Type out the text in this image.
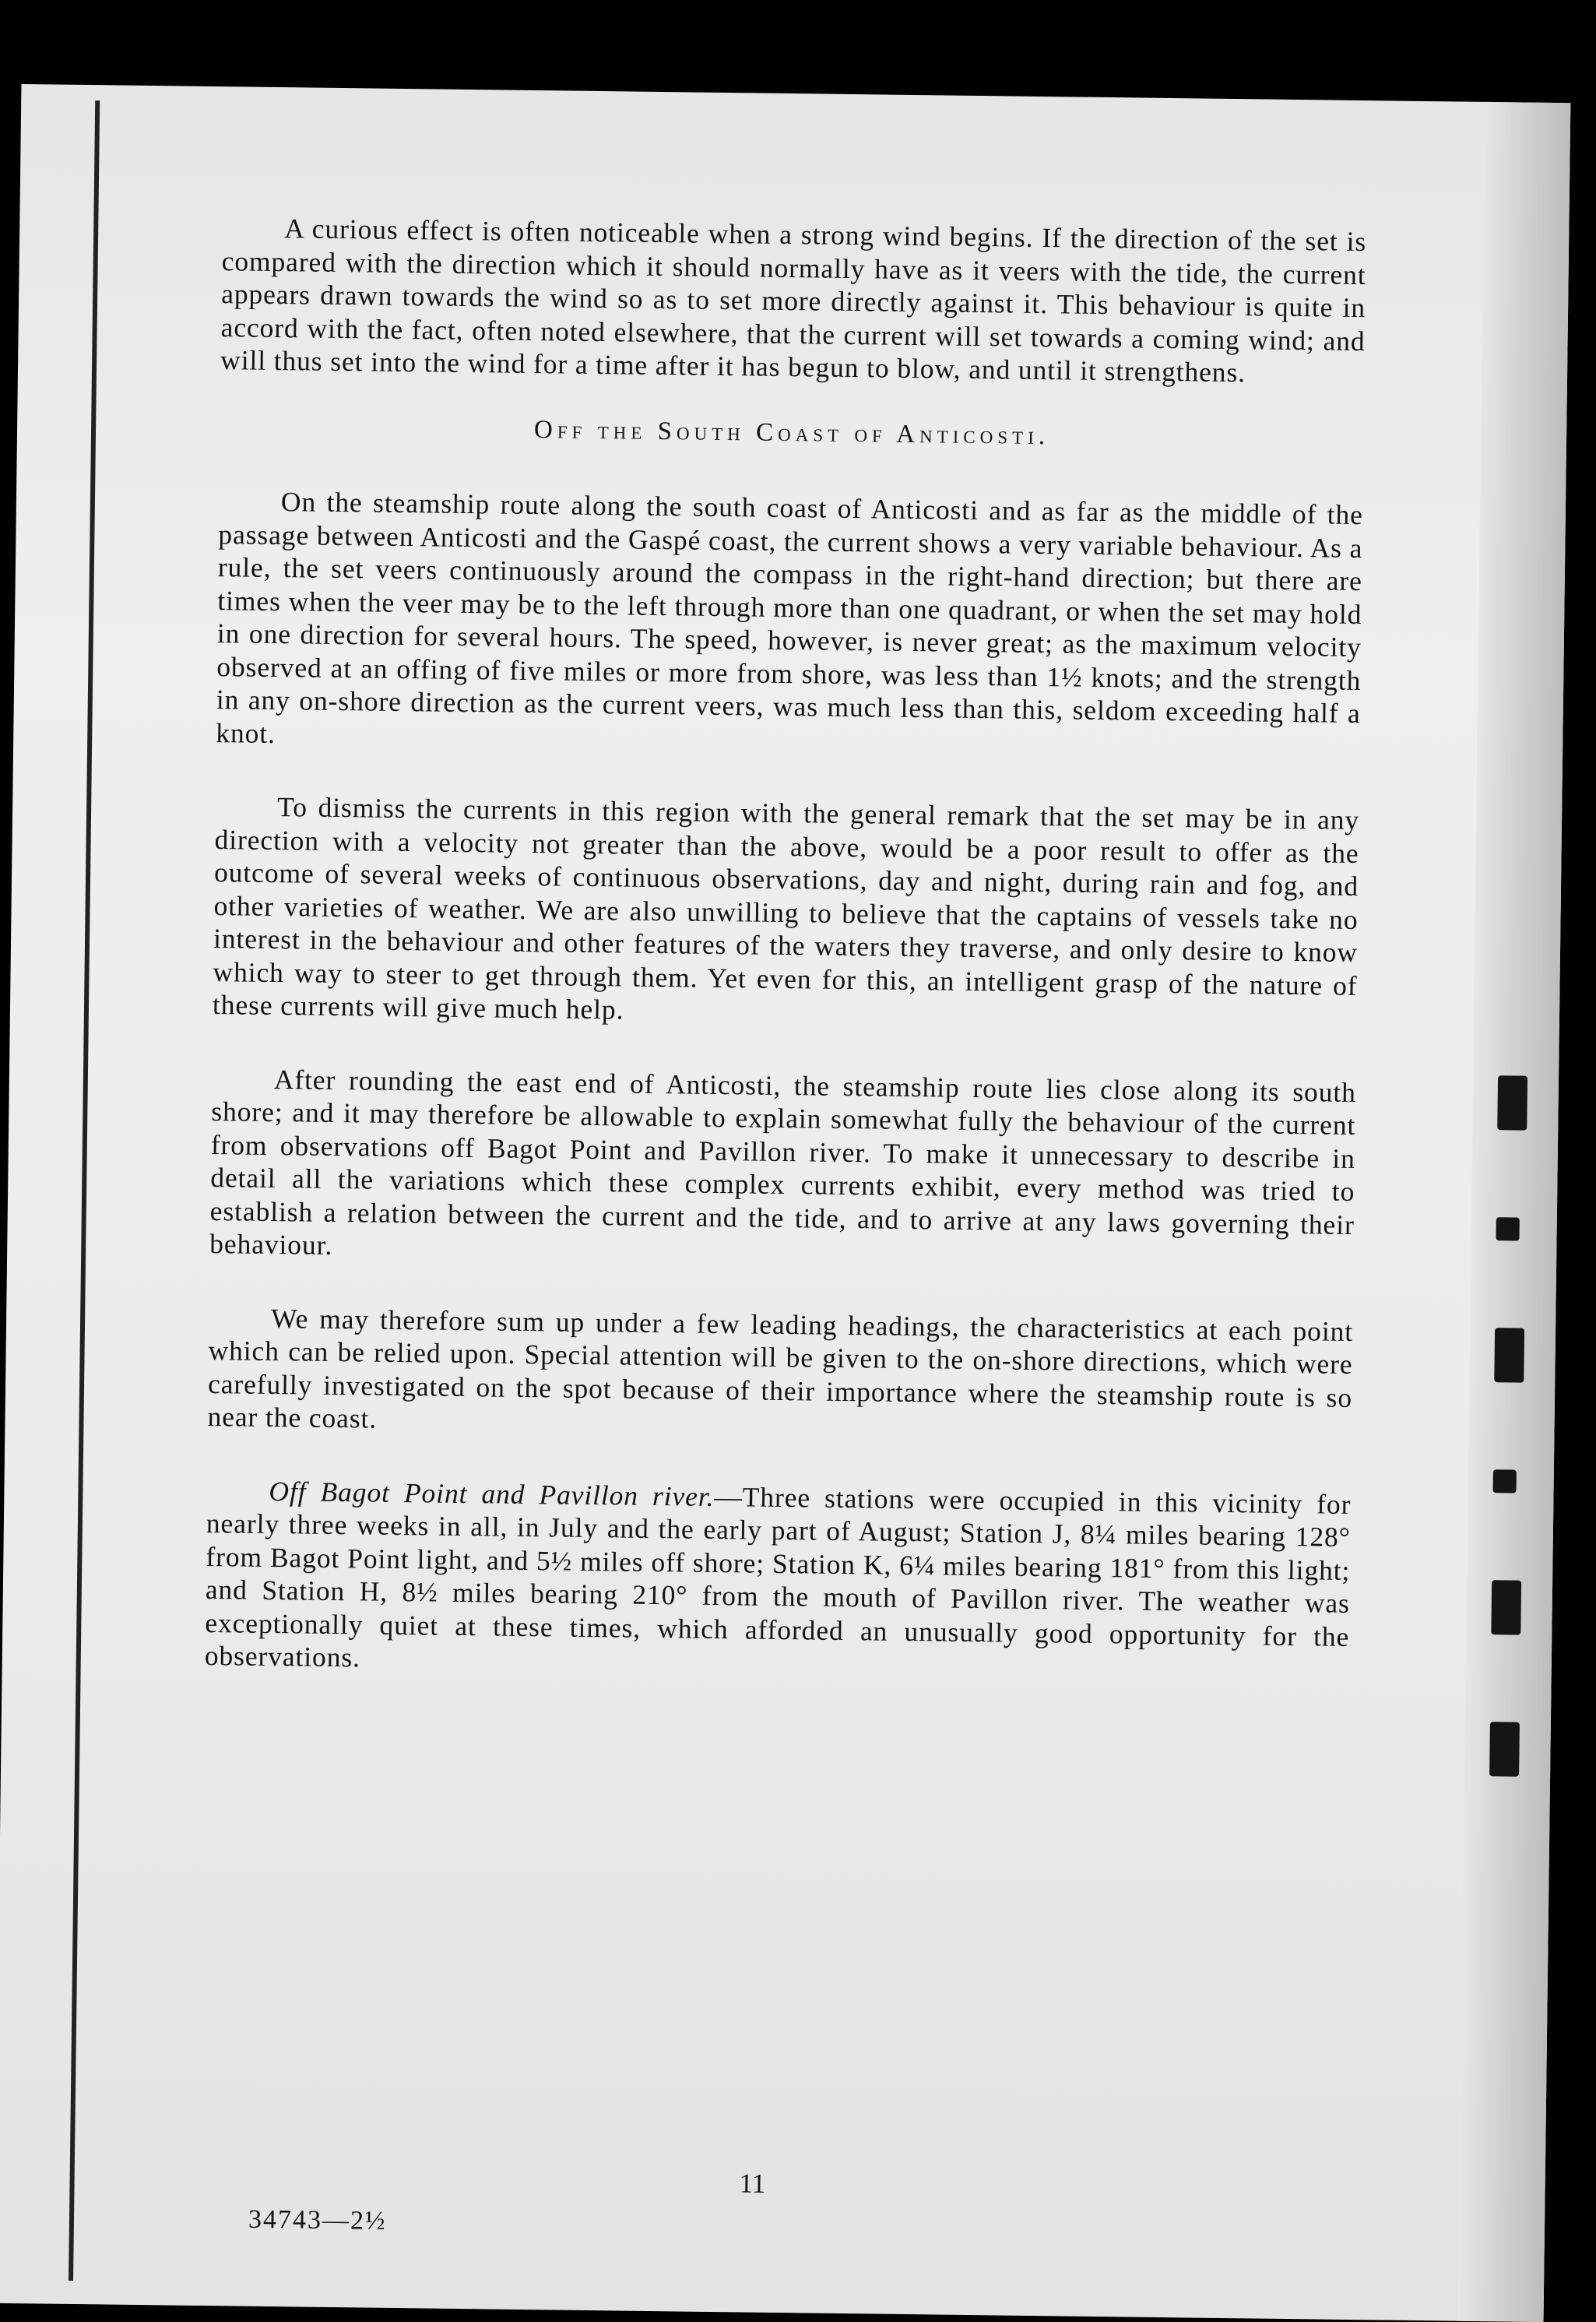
A curious effect is often noticeable when a strong wind begins. If the direction of the set is compared with the direction which it should normally have as it veers with the tide, the current appears drawn towards the wind so as to set more directly against it. This behaviour is quite in accord with the fact, often noted elsewhere, that the current will set towards a coming wind; and will thus set into the wind for a time after it has begun to blow, and until it strengthens.

Off the South Coast of Anticosti.

On the steamship route along the south coast of Anticosti and as far as the middle of the passage between Anticosti and the Gaspé coast, the current shows a very variable behaviour. As a rule, the set veers continuously around the compass in the right-hand direction; but there are times when the veer may be to the left through more than one quadrant, or when the set may hold in one direction for several hours. The speed, however, is never great; as the maximum velocity observed at an offing of five miles or more from shore, was less than 1½ knots; and the strength in any on-shore direction as the current veers, was much less than this, seldom exceeding half a knot.

To dismiss the currents in this region with the general remark that the set may be in any direction with a velocity not greater than the above, would be a poor result to offer as the outcome of several weeks of continuous observations, day and night, during rain and fog, and other varieties of weather. We are also unwilling to believe that the captains of vessels take no interest in the behaviour and other features of the waters they traverse, and only desire to know which way to steer to get through them. Yet even for this, an intelligent grasp of the nature of these currents will give much help.

After rounding the east end of Anticosti, the steamship route lies close along its south shore; and it may therefore be allowable to explain somewhat fully the behaviour of the current from observations off Bagot Point and Pavillon river. To make it unnecessary to describe in detail all the variations which these complex currents exhibit, every method was tried to establish a relation between the current and the tide, and to arrive at any laws governing their behaviour.

We may therefore sum up under a few leading headings, the characteristics at each point which can be relied upon. Special attention will be given to the on-shore directions, which were carefully investigated on the spot because of their importance where the steamship route is so near the coast.

Off Bagot Point and Pavillon river.—Three stations were occupied in this vicinity for nearly three weeks in all, in July and the early part of August; Station J, 8¼ miles bearing 128° from Bagot Point light, and 5½ miles off shore; Station K, 6¼ miles bearing 181° from this light; and Station H, 8½ miles bearing 210° from the mouth of Pavillon river. The weather was exceptionally quiet at these times, which afforded an unusually good opportunity for the observations.

11
34743—2½
